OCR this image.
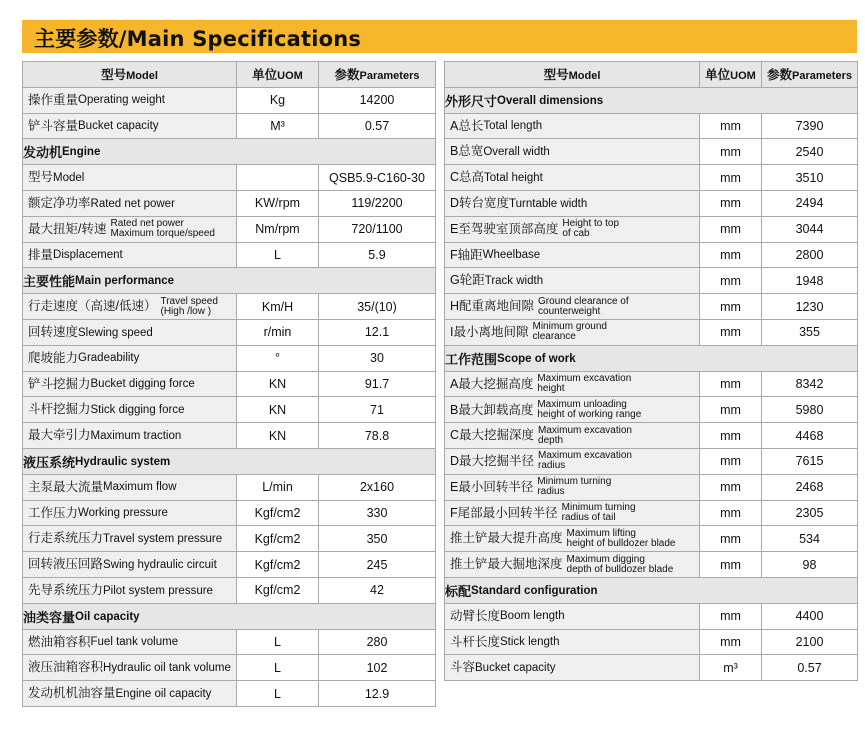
主要参数/Main Specifications
型号Model	单位UOM	参数Parameters
操作重量Operating weight	Kg	14200
铲斗容量Bucket capacity	M³	0.57
发动机Engine		
型号Model		QSB5.9-C160-30
额定净功率Rated net power	KW/rpm	119/2200
最大扭矩/转速 Rated net power
Maximum torque/speed	Nm/rpm	720/1100
排量Displacement	L	5.9
主要性能Main performance		
行走速度（高速/低速） Travel speed
(High /low )	Km/H	35/(10)
回转速度Slewing speed	r/min	12.1
爬坡能力Gradeability	°	30
铲斗挖掘力Bucket digging force	KN	91.7
斗杆挖掘力Stick digging force	KN	71
最大牵引力Maximum traction	KN	78.8
液压系统Hydraulic system		
主泵最大流量Maximum flow	L/min	2x160
工作压力Working pressure	Kgf/cm2	330
行走系统压力Travel system pressure	Kgf/cm2	350
回转液压回路Swing hydraulic circuit	Kgf/cm2	245
先导系统压力Pilot system pressure	Kgf/cm2	42
油类容量Oil capacity		
燃油箱容积Fuel tank volume	L	280
液压油箱容积Hydraulic oil tank volume	L	102
发动机机油容量Engine oil capacity	L	12.9
型号Model	单位UOM	参数Parameters
外形尺寸Overall dimensions		
A总长Total length	mm	7390
B总宽Overall width	mm	2540
C总高Total height	mm	3510
D转台宽度Turntable width	mm	2494
E至驾驶室顶部高度 Height to top
of cab	mm	3044
F轴距Wheelbase	mm	2800
G轮距Track width	mm	1948
H配重离地间隙 Ground clearance of
counterweight	mm	1230
I最小离地间隙 Minimum ground
clearance	mm	355
工作范围Scope of work		
A最大挖掘高度 Maximum excavation
height	mm	8342
B最大卸载高度 Maximum unloading
height of working range	mm	5980
C最大挖掘深度 Maximum excavation
depth	mm	4468
D最大挖掘半径 Maximum excavation
radius	mm	7615
E最小回转半径 Minimum turning
radius	mm	2468
F尾部最小回转半径 Minimum turning
radius of tail	mm	2305
推土铲最大提升高度 Maximum lifting
height of bulldozer blade	mm	534
推土铲最大掘地深度 Maximum digging
depth of bulldozer blade	mm	98
标配Standard configuration		
动臂长度Boom length	mm	4400
斗杆长度Stick length	mm	2100
斗容Bucket capacity	m³	0.57
